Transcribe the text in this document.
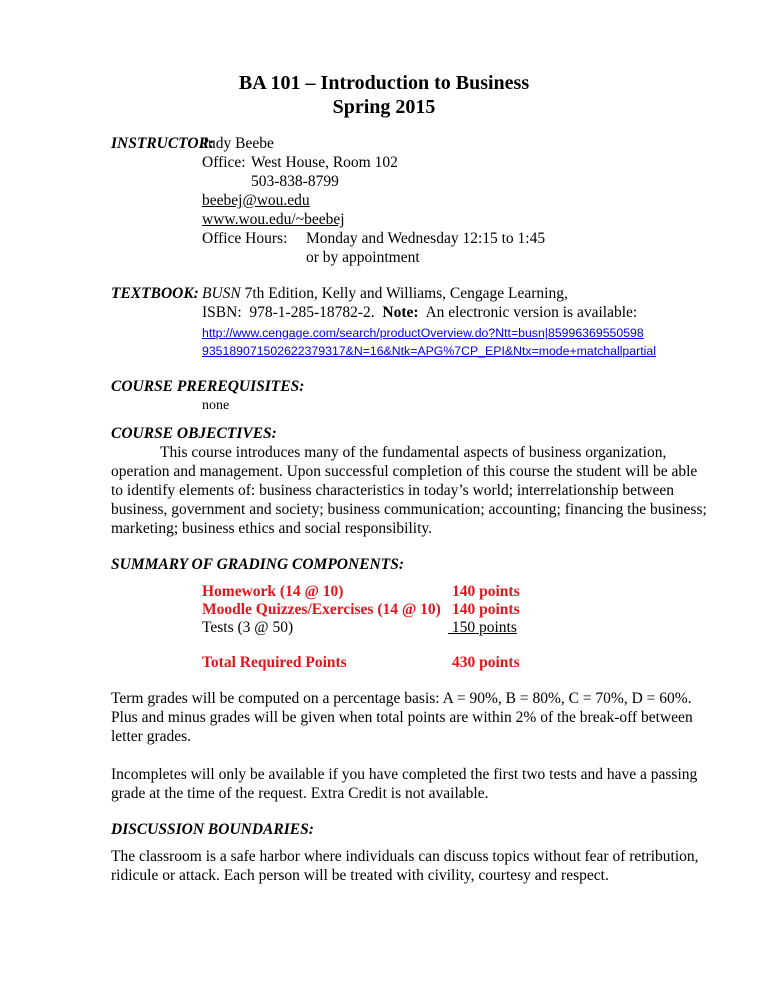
BA 101 – Introduction to Business
Spring 2015
INSTRUCTOR:
Judy Beebe
Office: West House, Room 102
503-838-8799
beebej@wou.edu
www.wou.edu/~beebej
Office Hours: Monday and Wednesday 12:15 to 1:45
or by appointment
TEXTBOOK: BUSN 7th Edition, Kelly and Williams, Cengage Learning,
ISBN:  978-1-285-18782-2.  Note:  An electronic version is available:
http://www.cengage.com/search/productOverview.do?Ntt=busn|85996369550598
93518907150262237931‌7&N=16&Ntk=APG%7CP_EPI&Ntx=mode+matchallpartial
COURSE PREREQUISITES:
none
COURSE OBJECTIVES:
This course introduces many of the fundamental aspects of business organization,
operation and management. Upon successful completion of this course the student will be able
to identify elements of: business characteristics in today’s world; interrelationship between
business, government and society; business communication; accounting; financing the business;
marketing; business ethics and social responsibility.
SUMMARY OF GRADING COMPONENTS:
Homework (14 @ 10)	140 points
Moodle Quizzes/Exercises (14 @ 10) 140 points
Tests (3 @ 50)	150 points
Total Required Points	430 points
Term grades will be computed on a percentage basis: A = 90%, B = 80%, C = 70%, D = 60%.
Plus and minus grades will be given when total points are within 2% of the break-off between
letter grades.
Incompletes will only be available if you have completed the first two tests and have a passing
grade at the time of the request. Extra Credit is not available.
DISCUSSION BOUNDARIES:
The classroom is a safe harbor where individuals can discuss topics without fear of retribution,
ridicule or attack. Each person will be treated with civility, courtesy and respect.
